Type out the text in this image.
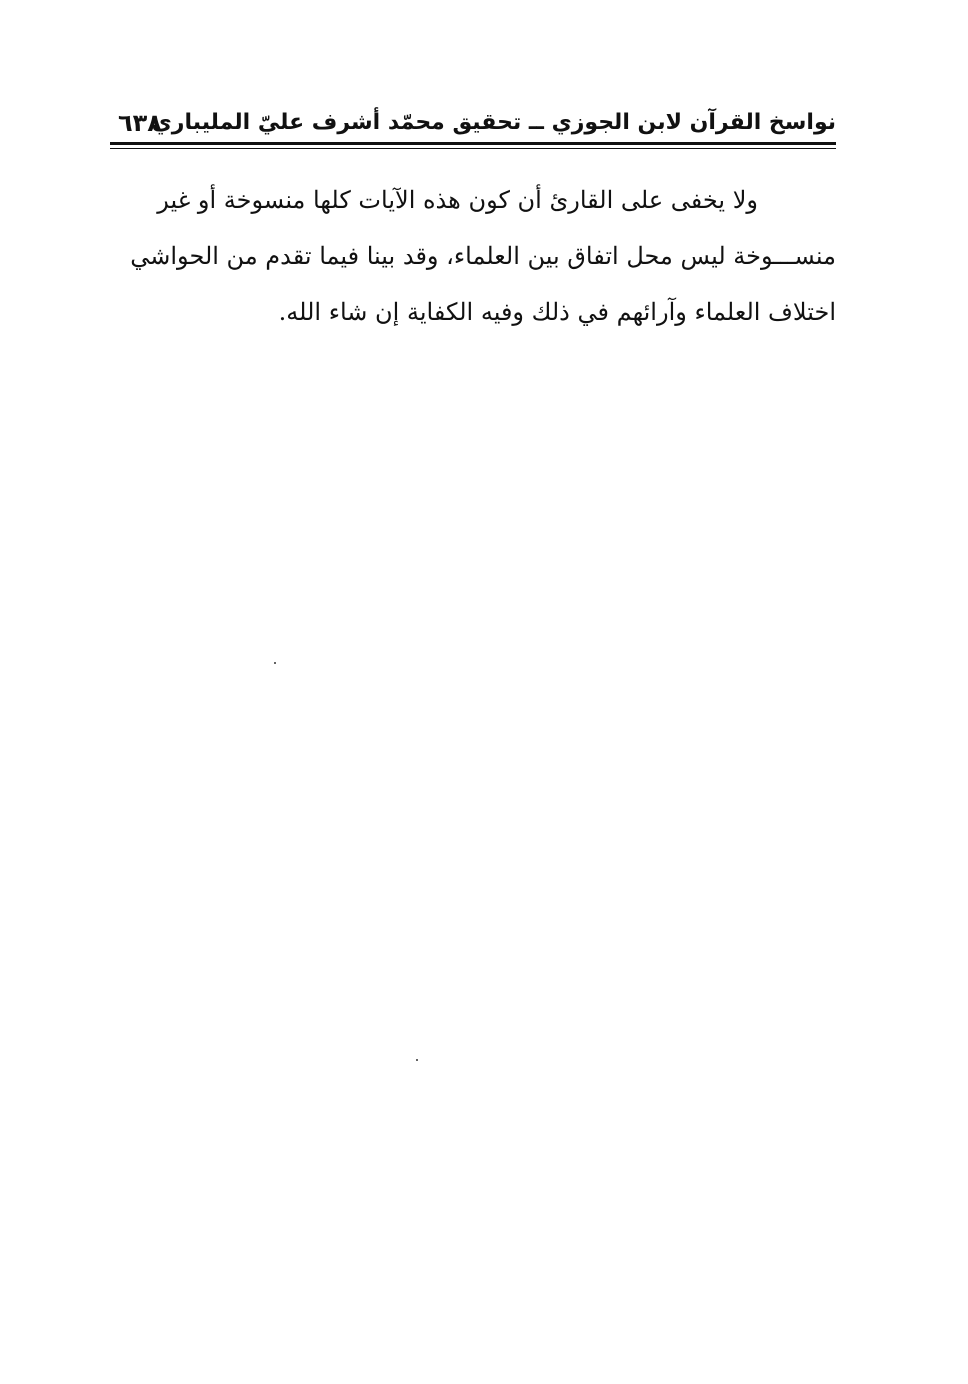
نواسخ القرآن لابن الجوزي ــ تحقيق محمّد أشرف عليّ المليباري
٦٣٨
ولا يخفى على القارئ أن كون هذه الآيات كلها منسوخة أو غير
منســـوخة ليس محل اتفاق بين العلماء، وقد بينا فيما تقدم من الحواشي
اختلاف العلماء وآرائهم في ذلك وفيه الكفاية إن شاء الله.
